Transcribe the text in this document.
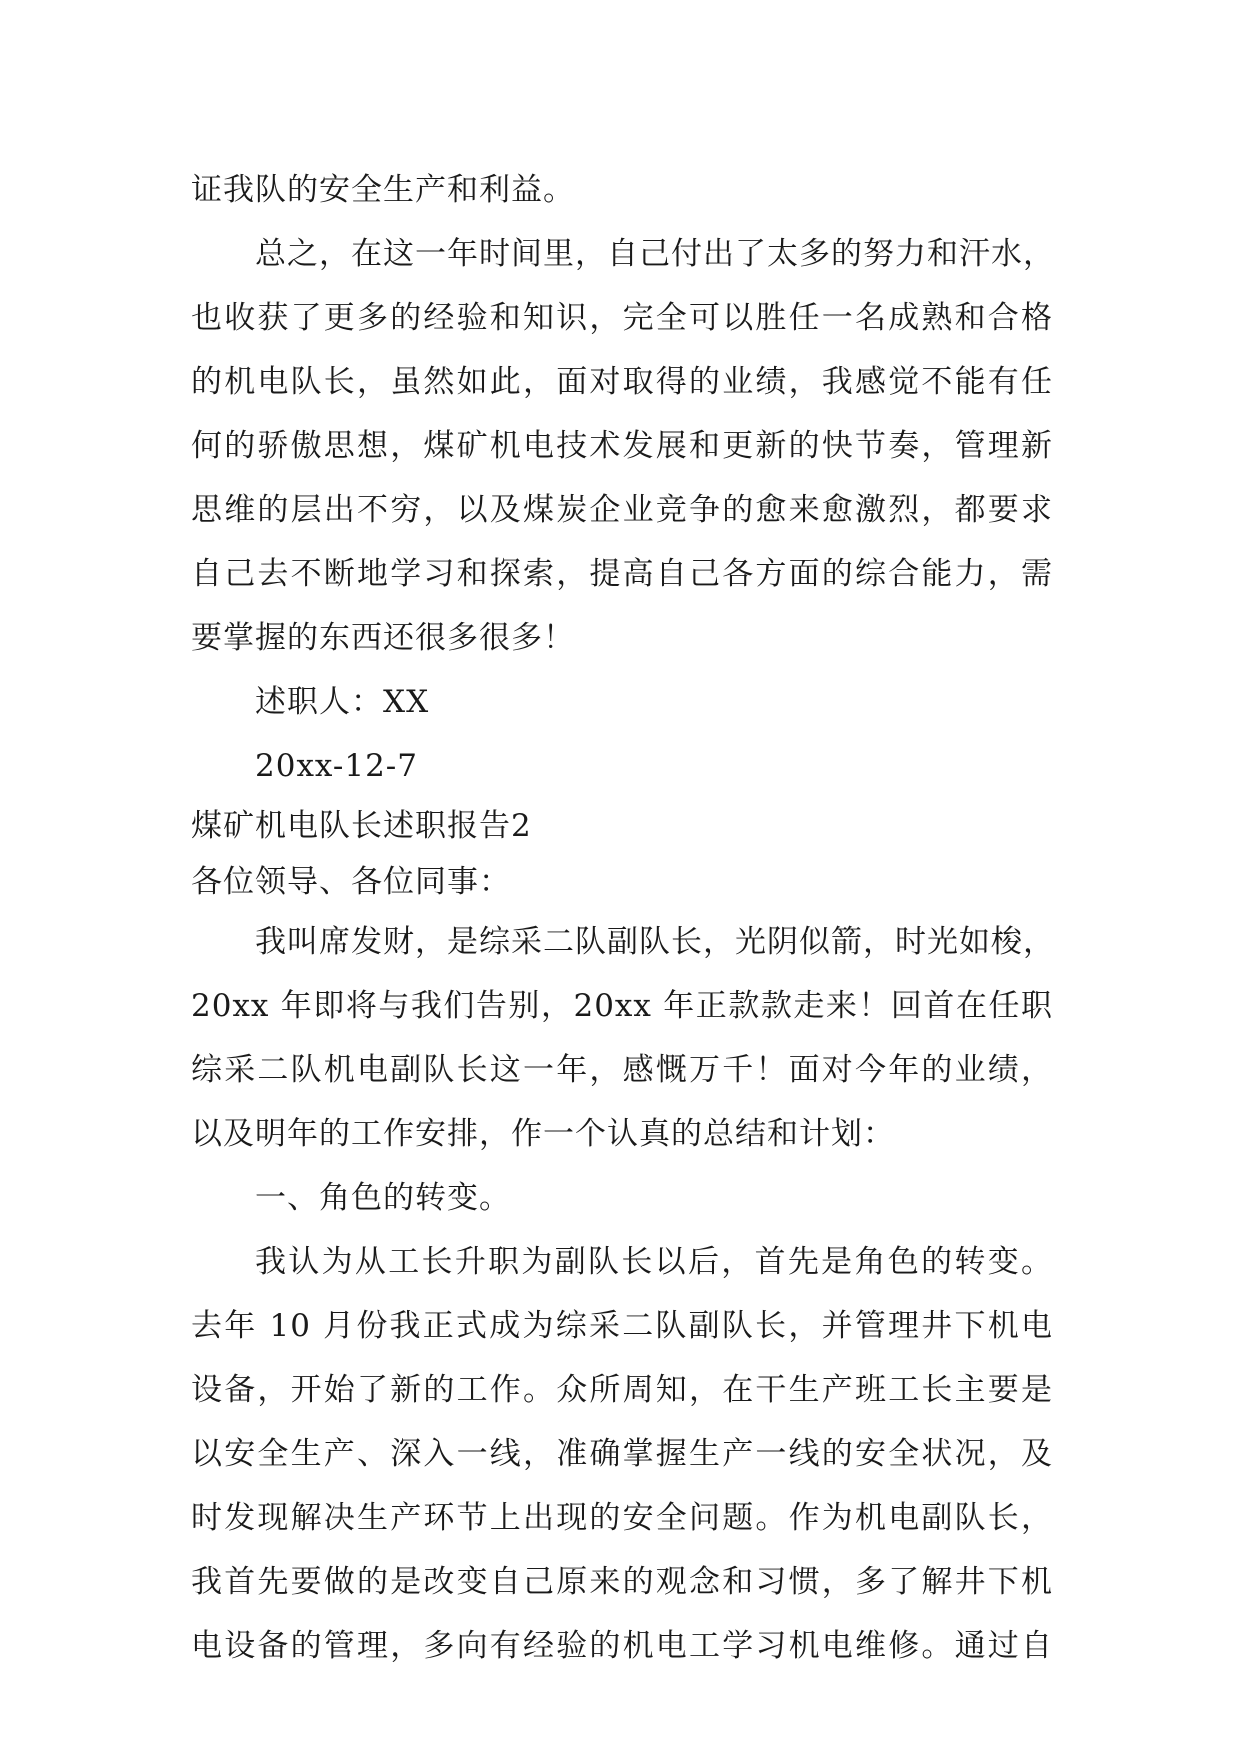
证我队的安全生产和利益。
总之，在这一年时间里，自己付出了太多的努力和汗水，
也收获了更多的经验和知识，完全可以胜任一名成熟和合格
的机电队长，虽然如此，面对取得的业绩，我感觉不能有任
何的骄傲思想，煤矿机电技术发展和更新的快节奏，管理新
思维的层出不穷，以及煤炭企业竞争的愈来愈激烈，都要求
自己去不断地学习和探索，提高自己各方面的综合能力，需
要掌握的东西还很多很多！
述职人：XX
20xx-12-7
煤矿机电队长述职报告2
各位领导、各位同事：
我叫席发财，是综采二队副队长，光阴似箭，时光如梭，
20xx 年即将与我们告别，20xx 年正款款走来！回首在任职
综采二队机电副队长这一年，感慨万千！面对今年的业绩，
以及明年的工作安排，作一个认真的总结和计划：
一、角色的转变。
我认为从工长升职为副队长以后，首先是角色的转变。
去年 10 月份我正式成为综采二队副队长，并管理井下机电
设备，开始了新的工作。众所周知，在干生产班工长主要是
以安全生产、深入一线，准确掌握生产一线的安全状况，及
时发现解决生产环节上出现的安全问题。作为机电副队长，
我首先要做的是改变自己原来的观念和习惯，多了解井下机
电设备的管理，多向有经验的机电工学习机电维修。通过自
